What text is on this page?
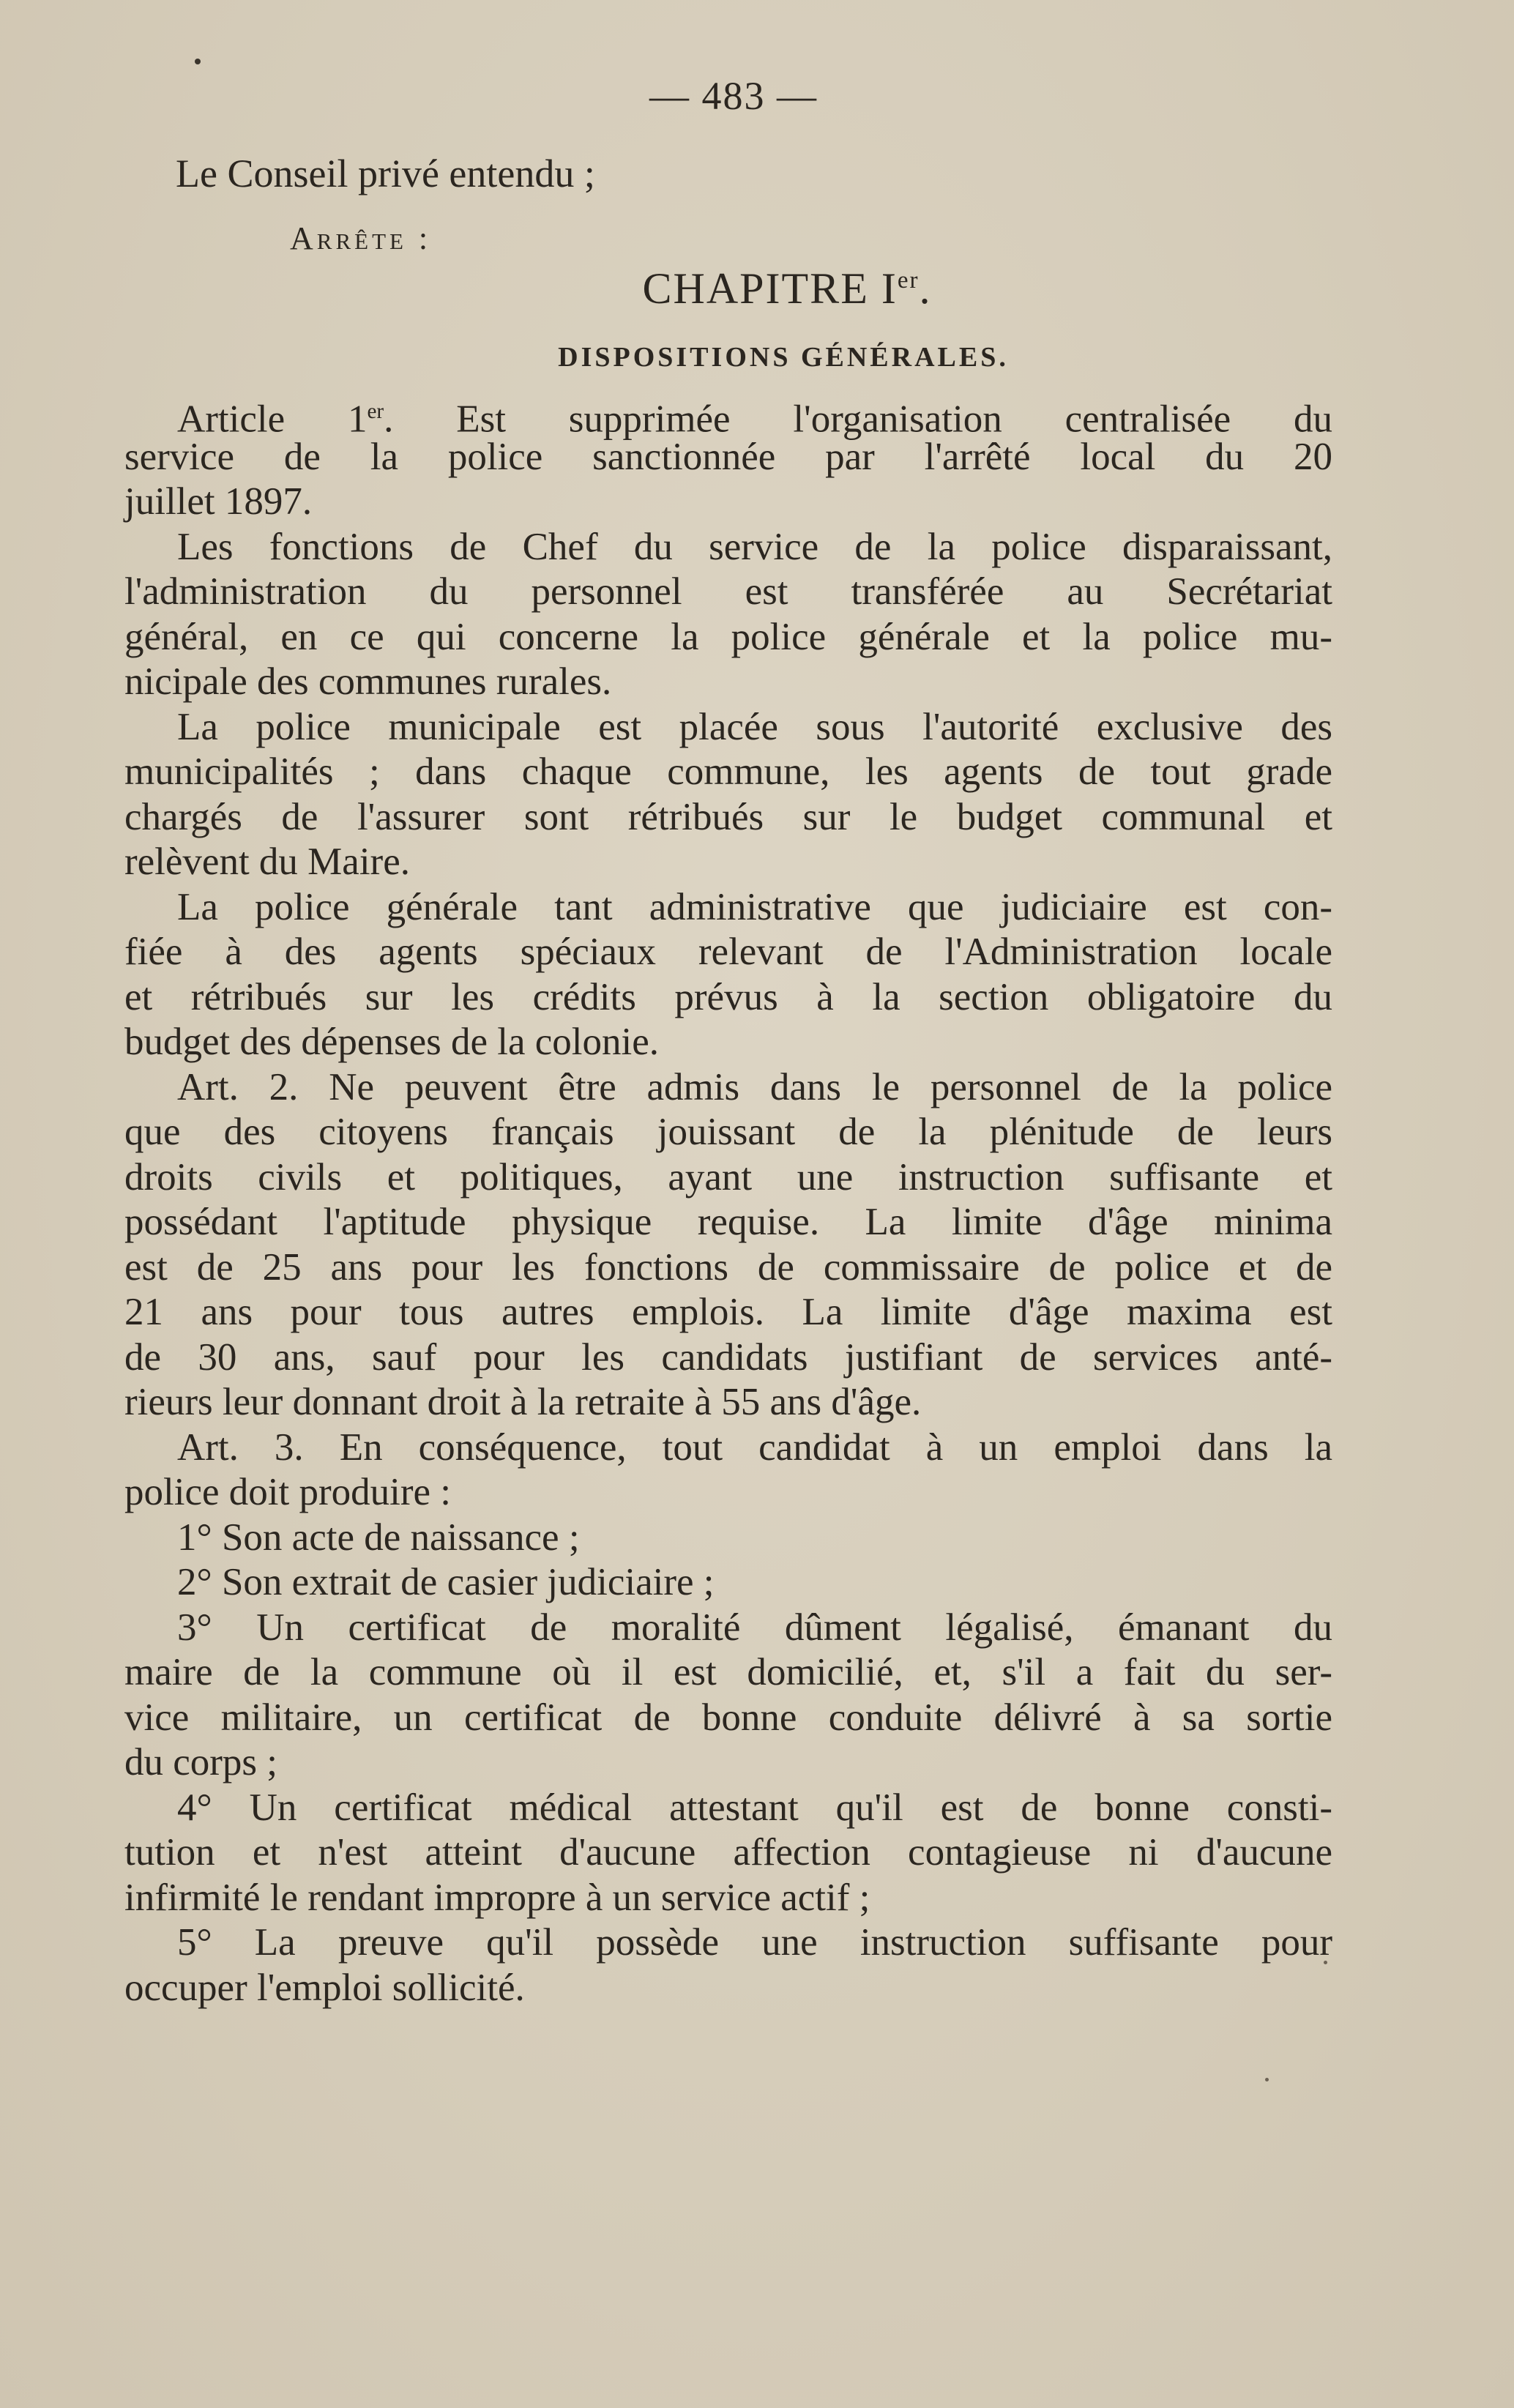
— 483 —
Le Conseil privé entendu ;
Arrête :
CHAPITRE Ier.
DISPOSITIONS GÉNÉRALES.
Article 1er. Est supprimée l'organisation centralisée du
service de la police sanctionnée par l'arrêté local du 20
juillet 1897.
Les fonctions de Chef du service de la police disparaissant,
l'administration du personnel est transférée au Secrétariat
général, en ce qui concerne la police générale et la police mu-
nicipale des communes rurales.
La police municipale est placée sous l'autorité exclusive des
municipalités ; dans chaque commune, les agents de tout grade
chargés de l'assurer sont rétribués sur le budget communal et
relèvent du Maire.
La police générale tant administrative que judiciaire est con-
fiée à des agents spéciaux relevant de l'Administration locale
et rétribués sur les crédits prévus à la section obligatoire du
budget des dépenses de la colonie.
Art. 2. Ne peuvent être admis dans le personnel de la police
que des citoyens français jouissant de la plénitude de leurs
droits civils et politiques, ayant une instruction suffisante et
possédant l'aptitude physique requise. La limite d'âge minima
est de 25 ans pour les fonctions de commissaire de police et de
21 ans pour tous autres emplois. La limite d'âge maxima est
de 30 ans, sauf pour les candidats justifiant de services anté-
rieurs leur donnant droit à la retraite à 55 ans d'âge.
Art. 3. En conséquence, tout candidat à un emploi dans la
police doit produire :
1° Son acte de naissance ;
2° Son extrait de casier judiciaire ;
3° Un certificat de moralité dûment légalisé, émanant du
maire de la commune où il est domicilié, et, s'il a fait du ser-
vice militaire, un certificat de bonne conduite délivré à sa sortie
du corps ;
4° Un certificat médical attestant qu'il est de bonne consti-
tution et n'est atteint d'aucune affection contagieuse ni d'aucune
infirmité le rendant impropre à un service actif ;
5° La preuve qu'il possède une instruction suffisante pour
occuper l'emploi sollicité.
